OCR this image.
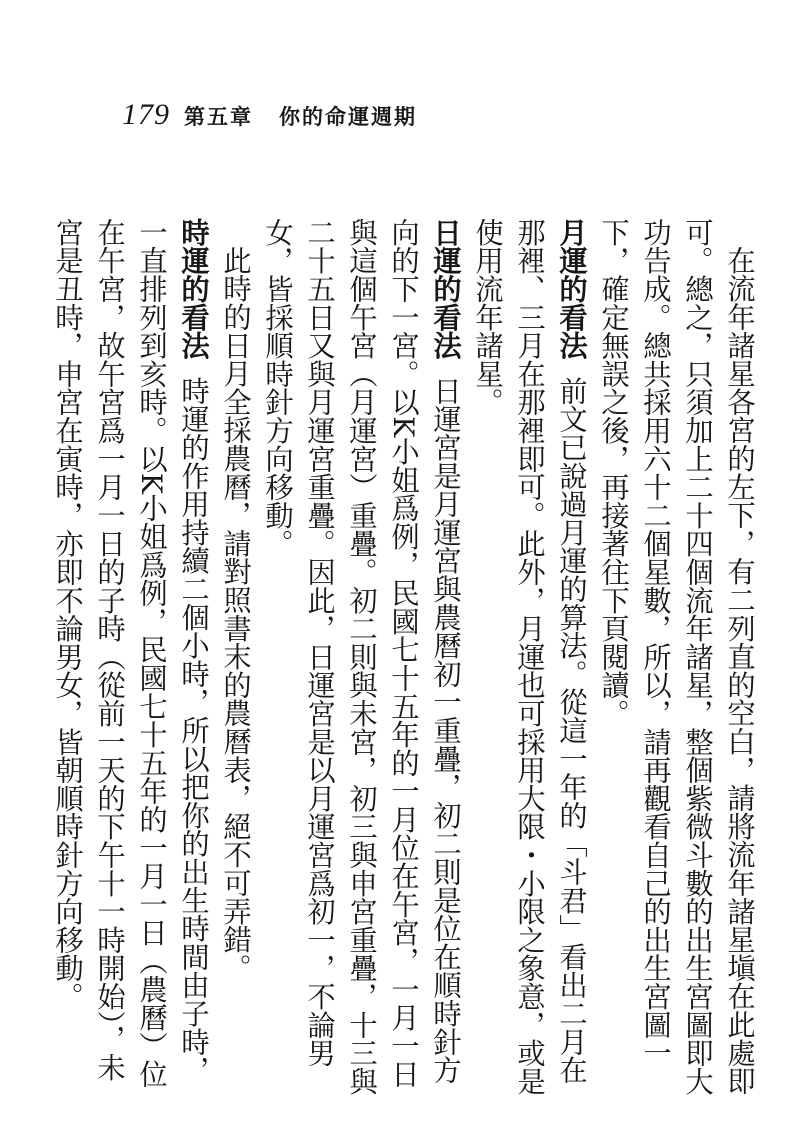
179 第五章 你的命運週期

在流年諸星各宮的左下，有二列直的空白，請將流年諸星塡在此處即可。總之，只須加上二十四個流年諸星，整個紫微斗數的出生宮圖即大功告成。總共採用六十二個星數，所以，請再觀看自己的出生宮圖一下，確定無誤之後，再接著往下頁閱讀。

月運的看法前文已說過月運的算法。從這一年的「斗君」看出二月在那裡、三月在那裡即可。此外，月運也可採用大限・小限之象意，或是使用流年諸星。

日運的看法日運宮是月運宮與農曆初一重疊，初二則是位在順時針方向的下一宮。以K小姐爲例，民國七十五年的一月位在午宮，一月一日與這個午宮（月運宮）重疊。初二則與未宮，初三與申宮重疊，十三與二十五日又與月運宮重疊。因此，日運宮是以月運宮爲初一，不論男女，皆採順時針方向移動。

此時的日月全採農曆，請對照書末的農曆表，絕不可弄錯。

時運的看法時運的作用持續二個小時，所以把你的出生時間由子時，一直排列到亥時。以K小姐爲例，民國七十五年的一月一日（農曆）位在午宮，故午宮爲一月一日的子時（從前一天的下午十一時開始），未宮是丑時，申宮在寅時，亦即不論男女，皆朝順時針方向移動。
